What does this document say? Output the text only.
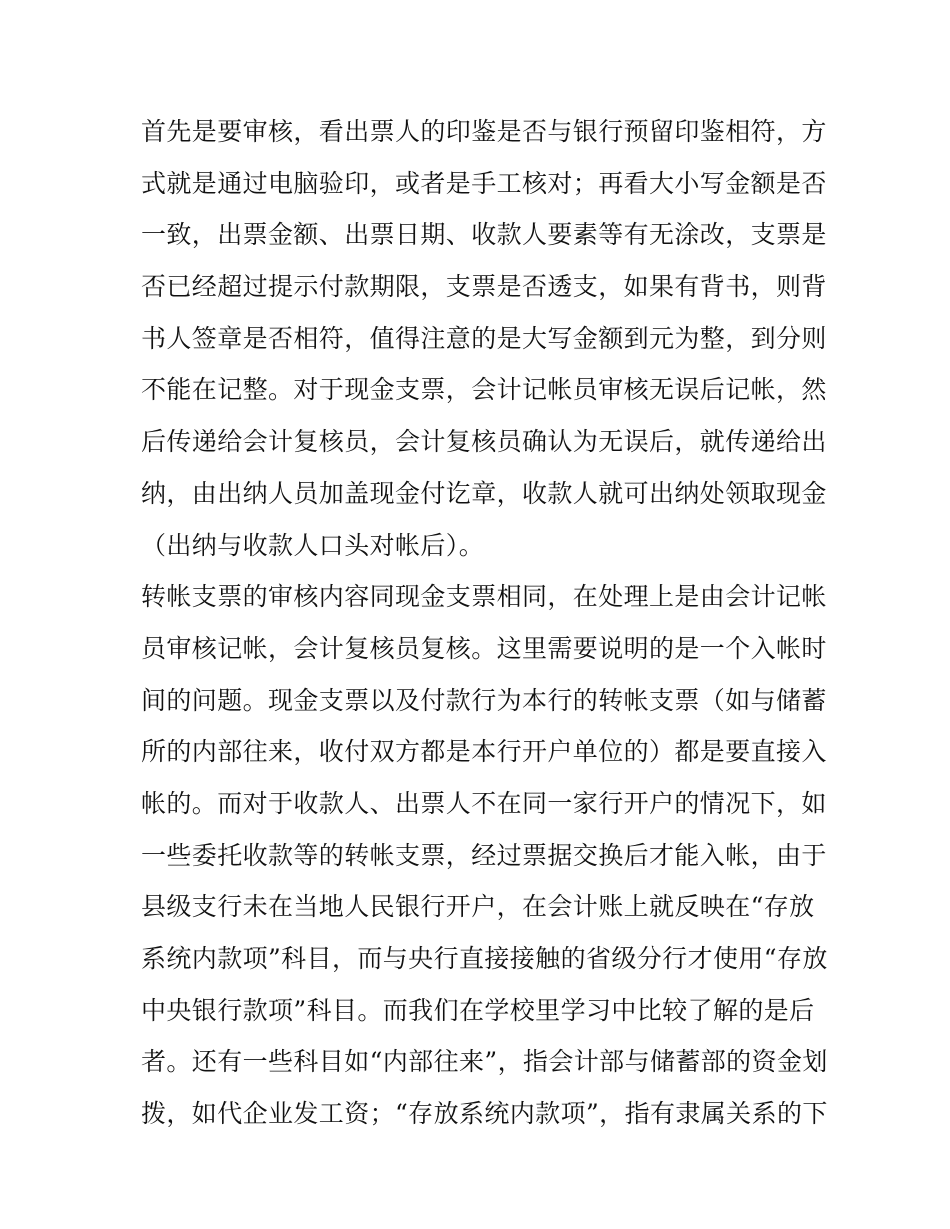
首先是要审核，看出票人的印鉴是否与银行预留印鉴相符，方
式就是通过电脑验印，或者是手工核对；再看大小写金额是否
一致，出票金额、出票日期、收款人要素等有无涂改，支票是
否已经超过提示付款期限，支票是否透支，如果有背书，则背
书人签章是否相符，值得注意的是大写金额到元为整，到分则
不能在记整。对于现金支票，会计记帐员审核无误后记帐，然
后传递给会计复核员，会计复核员确认为无误后，就传递给出
纳，由出纳人员加盖现金付讫章，收款人就可出纳处领取现金
（出纳与收款人口头对帐后）。
转帐支票的审核内容同现金支票相同，在处理上是由会计记帐
员审核记帐，会计复核员复核。这里需要说明的是一个入帐时
间的问题。现金支票以及付款行为本行的转帐支票（如与储蓄
所的内部往来，收付双方都是本行开户单位的）都是要直接入
帐的。而对于收款人、出票人不在同一家行开户的情况下，如
一些委托收款等的转帐支票，经过票据交换后才能入帐，由于
县级支行未在当地人民银行开户，在会计账上就反映在“存放
系统内款项”科目，而与央行直接接触的省级分行才使用“存放
中央银行款项”科目。而我们在学校里学习中比较了解的是后
者。还有一些科目如“内部往来”，指会计部与储蓄部的资金划
拨，如代企业发工资；“存放系统内款项”，指有隶属关系的下
